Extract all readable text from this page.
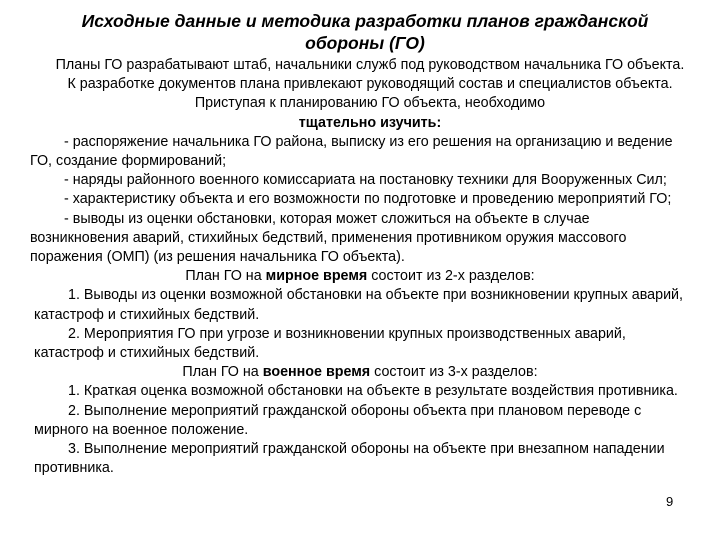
Исходные данные и методика разработки планов гражданской обороны (ГО)
Планы ГО разрабатывают штаб, начальники служб под руководством начальника ГО объекта. К разработке документов плана привлекают руководящий состав и специалистов объекта. Приступая к планированию ГО объекта, необходимо
тщательно изучить:

- распоряжение начальника ГО района, выписку из его решения на организацию и ведение ГО, создание формирований;

- наряды районного военного комиссариата на постановку техники для Вооруженных Сил;

- характеристику объекта и его возможности по подготовке и проведению мероприятий ГО;

- выводы из оценки обстановки, которая может сложиться на объекте в случае возникновения аварий, стихийных бедствий, применения противником оружия массового поражения (ОМП) (из решения начальника ГО объекта).

План ГО на мирное время состоит из 2-х разделов:

1. Выводы из оценки возможной обстановки на объекте при возникновении крупных аварий, катастроф и стихийных бедствий.

2. Мероприятия ГО при угрозе и возникновении крупных производственных аварий, катастроф и стихийных бедствий.

План ГО на военное время состоит из 3-х разделов:

1. Краткая оценка возможной обстановки на объекте в результате воздействия противника.

2. Выполнение мероприятий гражданской обороны объекта при плановом переводе с мирного на военное положение.

3. Выполнение мероприятий гражданской обороны на объекте при внезапном нападении противника.

9
